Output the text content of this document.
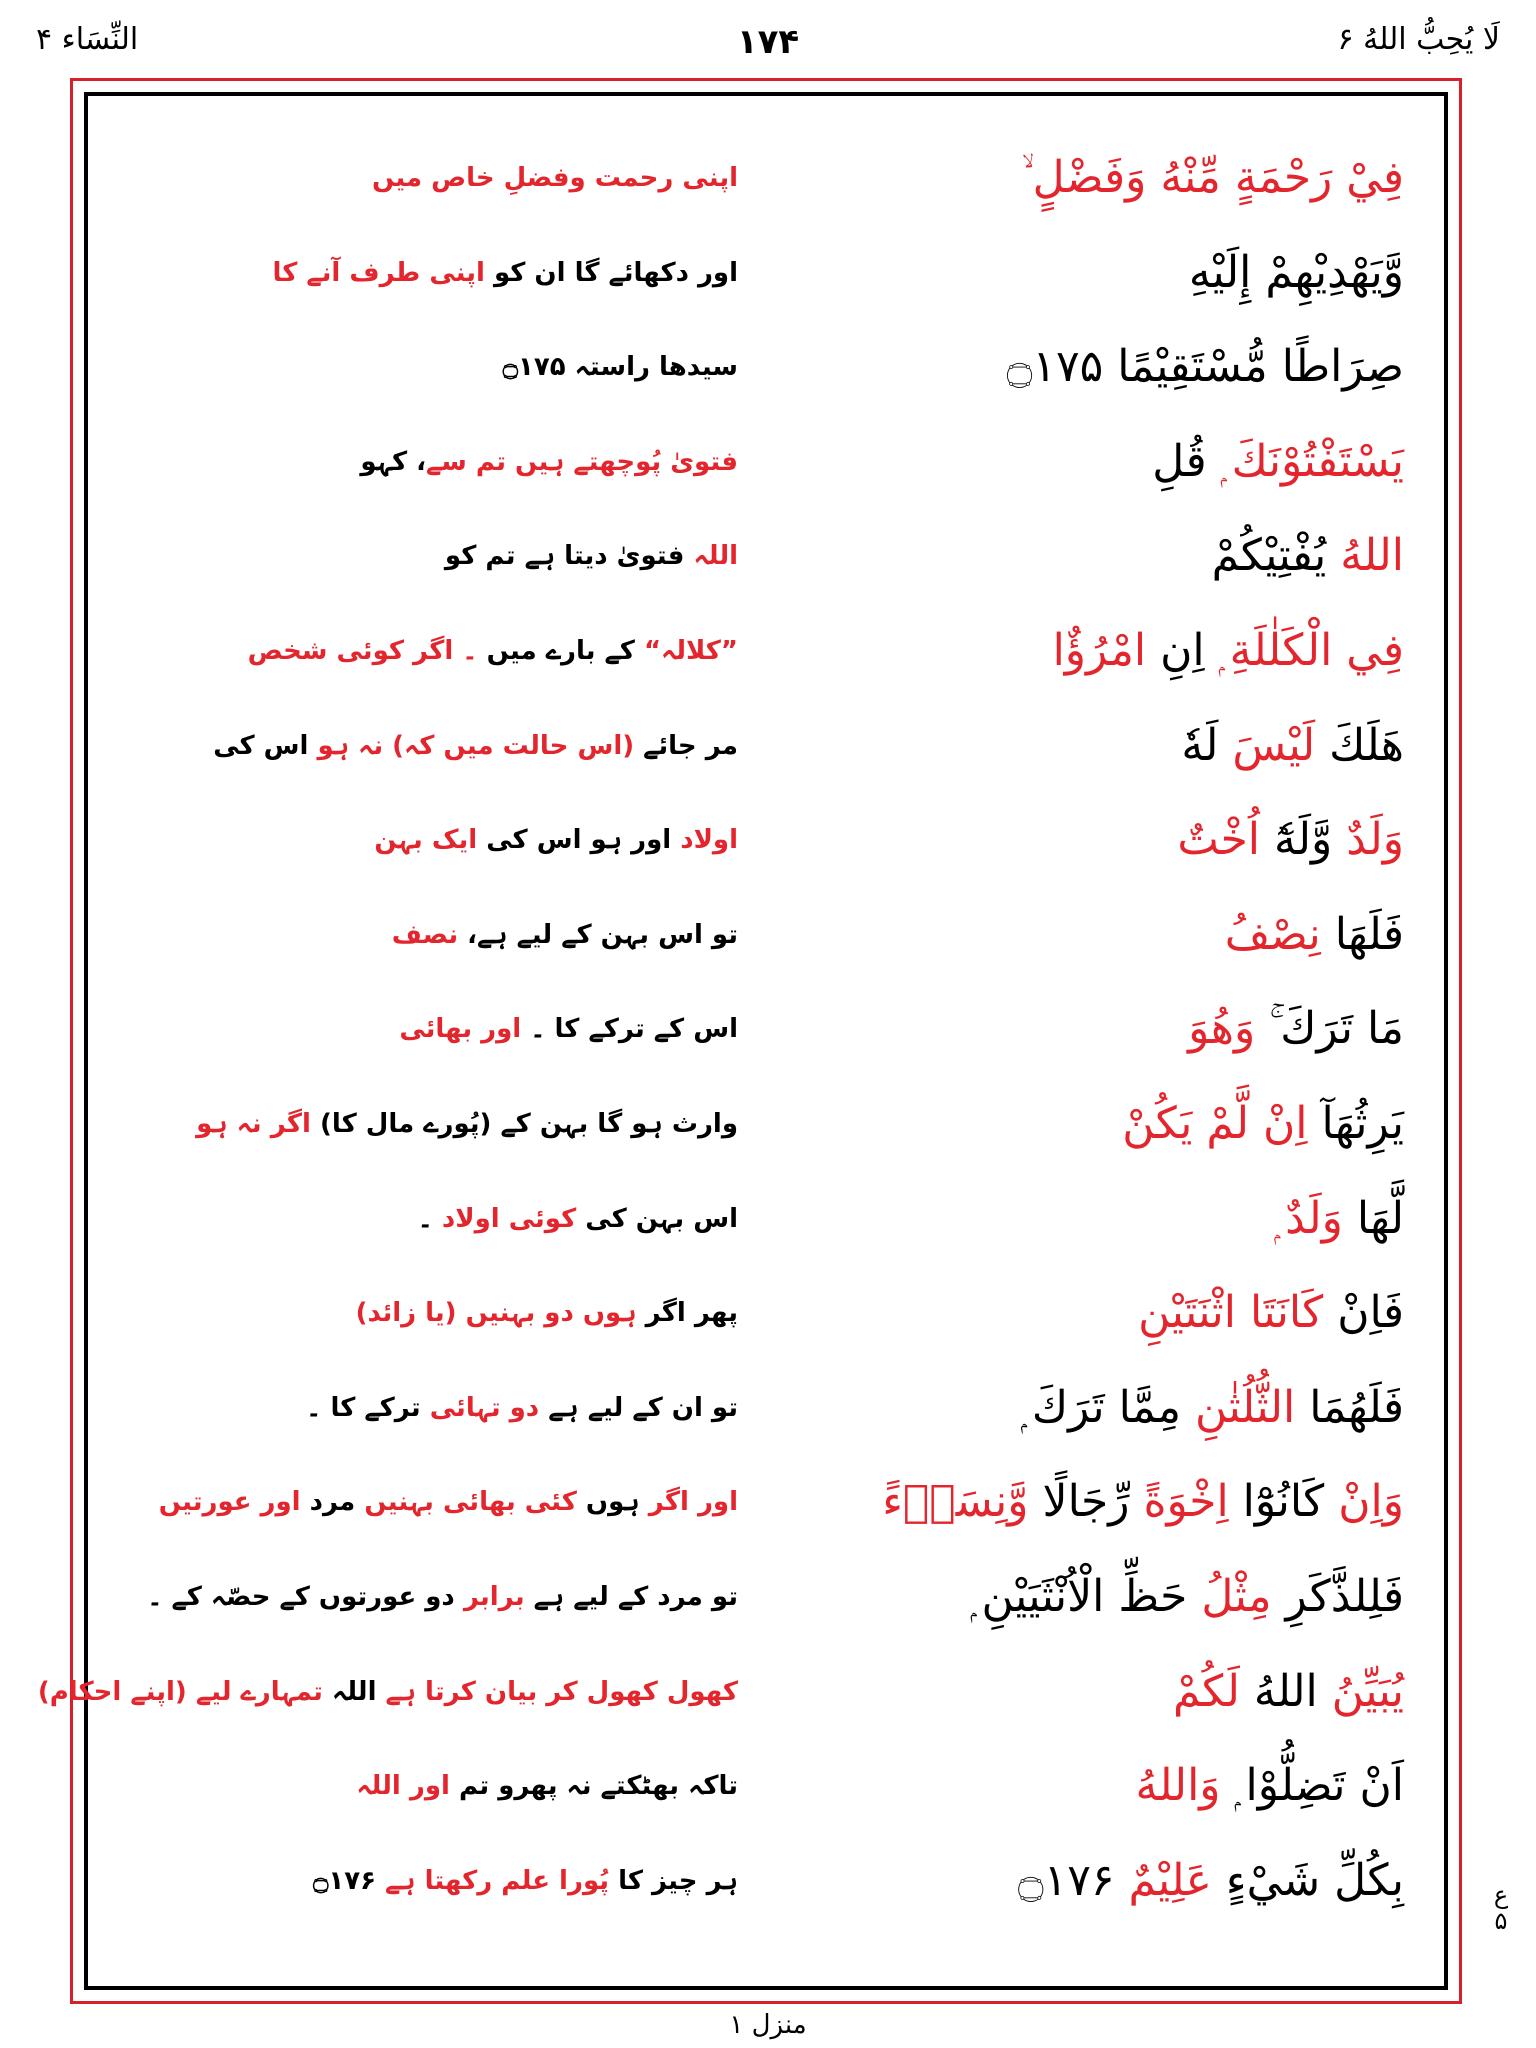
النِّسَاء ۴	۱۷۴	لَا يُحِبُّ اللهُ ۶
فِيْ رَحْمَةٍ مِّنْهُ وَفَضْلٍ
اپنی رحمت وفضلِ خاص میں
وَّيَهْدِيْهِمْ إِلَيْهِ
اور دکھائے گا ان کو اپنی طرف آنے کا
صِرَاطًا مُّسْتَقِيْمًا ۝۱۷۵
سیدھا راستہ ۝۱۷۵
يَسْتَفْتُوْنَكَ ۭ قُلِ
فتویٰ پُوچھتے ہیں تم سے، کہو
اللهُ يُفْتِيْكُمْ
اللہ فتویٰ دیتا ہے تم کو
فِي الْكَلٰلَةِ ۭ اِنِ امْرُؤٌا
”کلالہ“ کے بارے میں ۔ اگر کوئی شخص
هَلَكَ لَيْسَ لَهٗ
مر جائے (اس حالت میں کہ) نہ ہو اس کی
وَلَدٌ وَّلَهٗٓ اُخْتٌ
اولاد اور ہو اس کی ایک بہن
فَلَهَا نِصْفُ
تو اس بہن کے لیے ہے، نصف
مَا تَرَكَ ۚ وَهُوَ
اس کے ترکے کا ۔ اور بھائی
يَرِثُهَآ اِنْ لَّمْ يَكُنْ
وارث ہو گا بہن کے (پُورے مال کا) اگر نہ ہو
لَّهَا وَلَدٌ
اس بہن کی کوئی اولاد ۔
فَاِنْ كَانَتَا اثْنَتَيْنِ
پھر اگر ہوں دو بہنیں (یا زائد)
فَلَهُمَا الثُّلُثٰنِ مِمَّا تَرَكَ ۭ
تو ان کے لیے ہے دو تہائی ترکے کا ۔
وَاِنْ كَانُوْٓا اِخْوَةً رِّجَالًا وَّنِسَاۗءً
اور اگر ہوں کئی بھائی بہنیں مرد اور عورتیں
فَلِلذَّكَرِ مِثْلُ حَظِّ الْاُنْثَيَيْنِ ۭ
تو مرد کے لیے ہے برابر دو عورتوں کے حصّہ کے ۔
يُبَيِّنُ اللهُ لَكُمْ
کھول کھول کر بیان کرتا ہے اللہ تمہارے لیے (اپنے احکام)
اَنْ تَضِلُّوْا ۭ وَاللهُ
تاکہ بھٹکتے نہ پھرو تم اور اللہ
بِكُلِّ شَيْءٍ عَلِيْمٌ ۝۱۷۶
ہر چیز کا پُورا علم رکھتا ہے ۝۱۷۶	ع ۵
منزل ۱
